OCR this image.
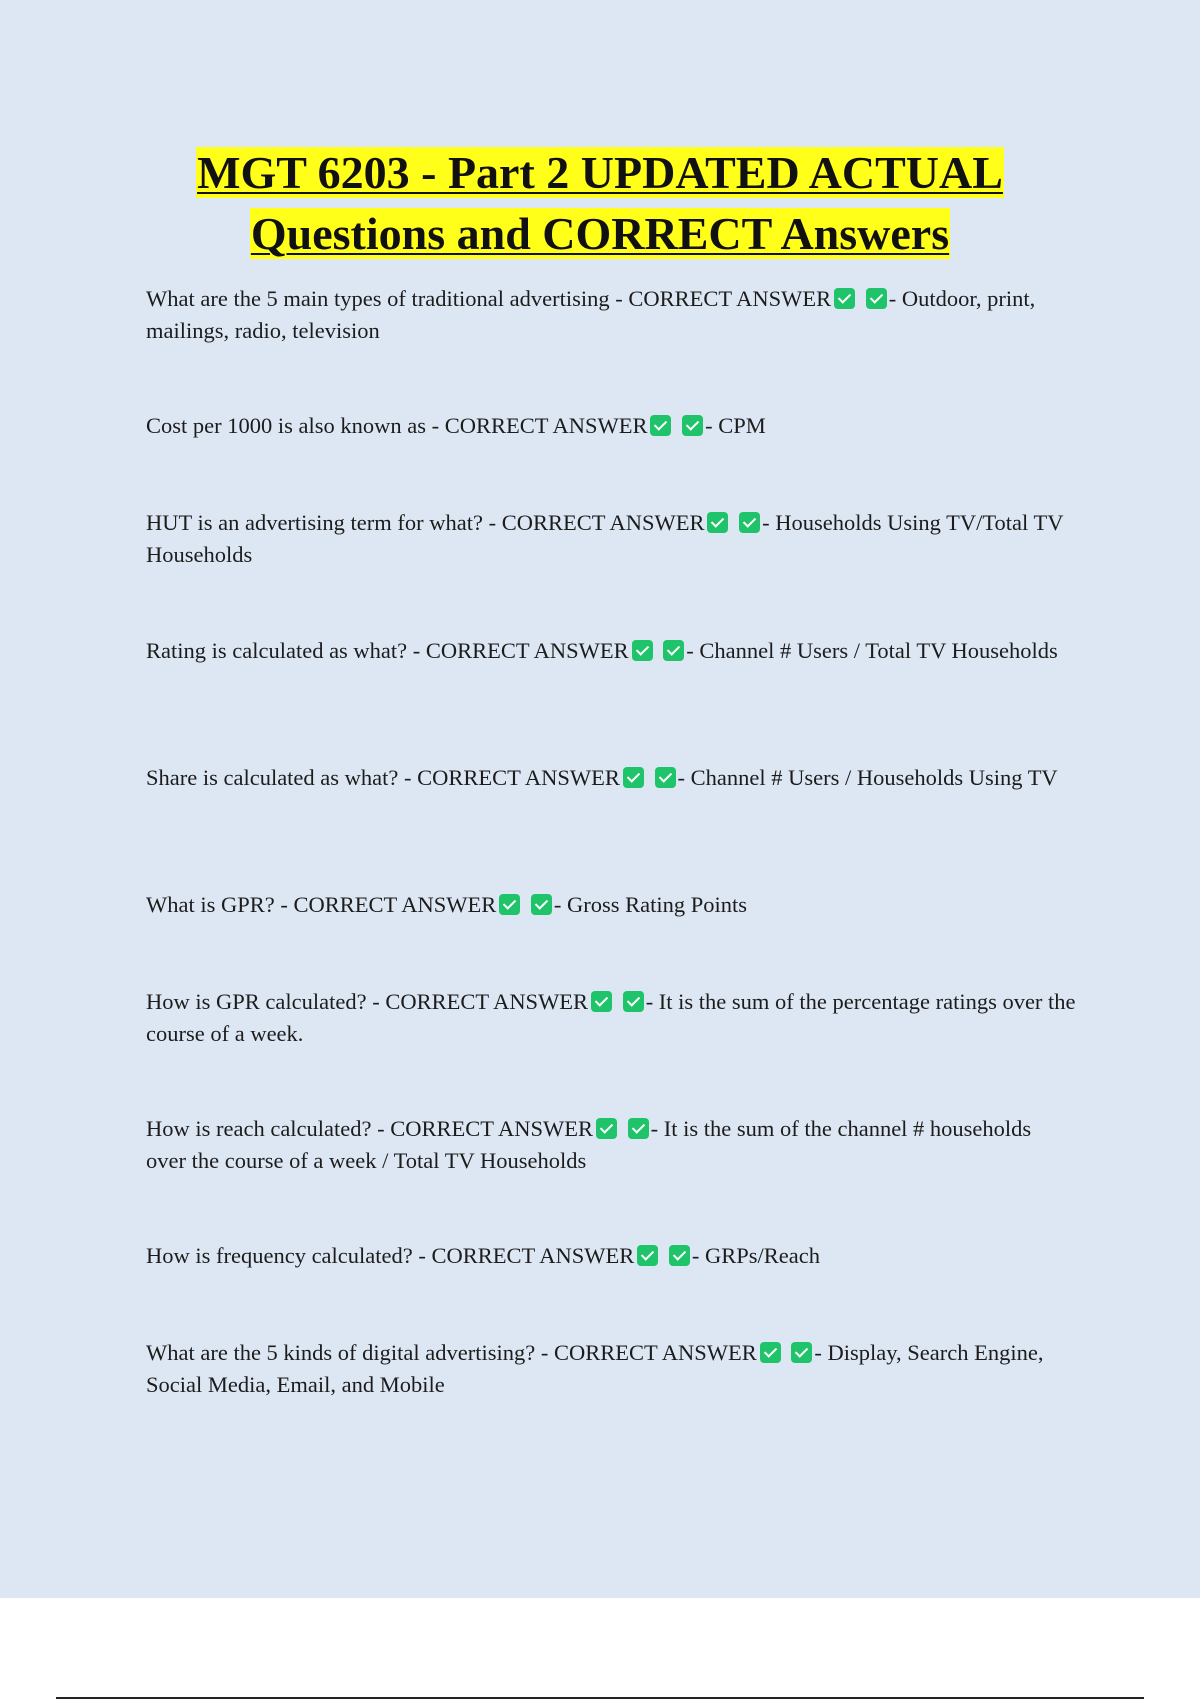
MGT 6203 - Part 2 UPDATED ACTUAL
Questions and CORRECT Answers

What are the 5 main types of traditional advertising - CORRECT ANSWER	- Outdoor, print, mailings, radio, television

Cost per 1000 is also known as - CORRECT ANSWER	- CPM

HUT is an advertising term for what? - CORRECT ANSWER	- Households Using TV/Total TV Households

Rating is calculated as what? - CORRECT ANSWER	- Channel # Users / Total TV Households

Share is calculated as what? - CORRECT ANSWER	- Channel # Users / Households Using TV

What is GPR? - CORRECT ANSWER	- Gross Rating Points

How is GPR calculated? - CORRECT ANSWER	- It is the sum of the percentage ratings over the course of a week.

How is reach calculated? - CORRECT ANSWER	- It is the sum of the channel # households over the course of a week / Total TV Households

How is frequency calculated? - CORRECT ANSWER	- GRPs/Reach

What are the 5 kinds of digital advertising? - CORRECT ANSWER	- Display, Search Engine, Social Media, Email, and Mobile
